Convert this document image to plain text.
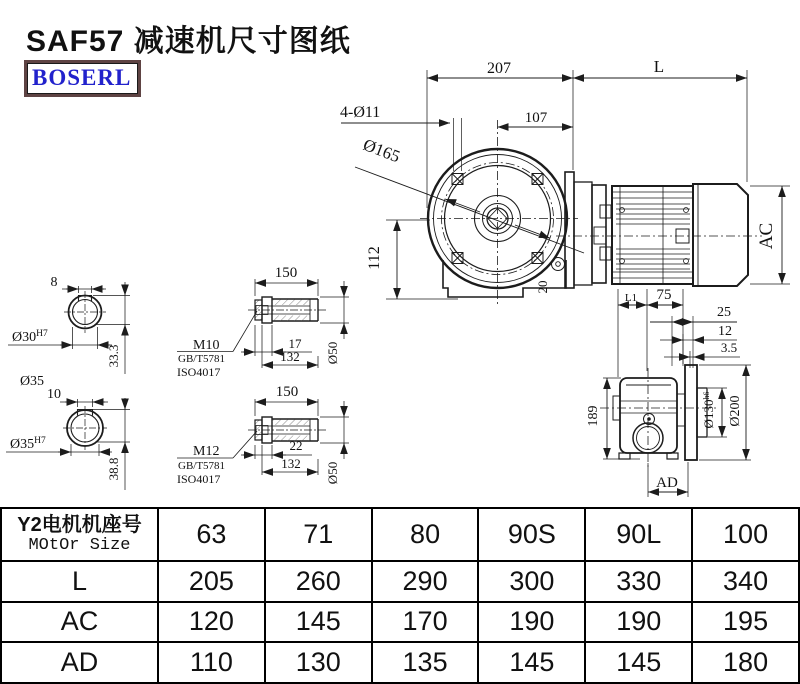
SAF57 减速机尺寸图纸
BOSERL	207	L
107
4-Ø11
Ø165
112
AC
20
L1 75
25
12
3.5
189	$Ø130^{h6}$	Ø200
AD
8
$Ø30^{H7}$
33.3
Ø35
10
$Ø35^{H7}$
38.8
150
M10
GB/T5781
ISO4017
17
132 Ø50
150
M12
GB/T5781
ISO4017
22
132 Ø50
Y2电机机座号
MOtOr Size	63	71	80	90S	90L	100
L	205	260	290	300	330	340
AC	120	145	170	190	190	195
AD	110	130	135	145	145	180
